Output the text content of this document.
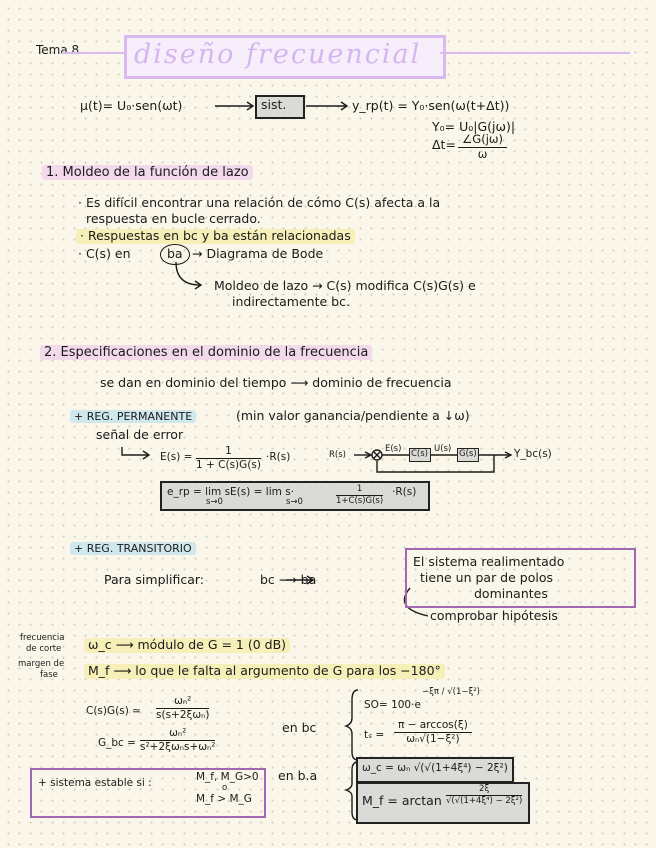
Tema 8 diseño frecuencial
μ(t)= U₀·sen(ωt)	sist.	y_rp(t) = Y₀·sen(ω(t+Δt))
Y₀= U₀|G(jω)|
$\Delta t= \frac{\angle G(j\omega)}{\omega}$
1. Moldeo de la función de lazo
· Es difícil encontrar una relación de cómo C(s) afecta a la
respuesta en bucle cerrado.
· Respuestas en bc y ba están relacionadas
· C(s) en	ba → Diagrama de Bode
Moldeo de lazo → C(s) modifica C(s)G(s) e
indirectamente bc.
2. Especificaciones en el dominio de la frecuencia
se dan en dominio del tiempo ⟶ dominio de frecuencia
+ REG. PERMANENTE	(min valor ganancia/pendiente a ↓ω)
señal de error
$E(s) = \frac{1}{1 + C(s)G(s)} \cdot R(s)$	R(s)
E(s) C(s) U(s) G(s)	Y_bc(s)
e_rp = lim sE(s) = lim s·
s→0	s→0	$\frac{1}{1+C(s)G(s)} \cdot R(s)$
+ REG. TRANSITORIO
Para simplificar:	bc ⟶ ba
El sistema realimentado
tiene un par de polos
dominantes
comprobar hipótesis
frecuencia
de corte	ω_c ⟶ módulo de G = 1 (0 dB)
margen de
fase	M_f ⟶ lo que le falta al argumento de G para los −180°
C(s)G(s) ≃
ωₙ²
s(s+2ξωₙ)
G_bc =
ωₙ²
s²+2ξωₙs+ωₙ²
en bc
SO= 100·e
−ξπ / √(1−ξ²)
$t_s = \frac{\pi - \arccos(\xi)}{\text{ωₙ√(1−ξ²)}}$
+ sistema estable si :	M_f, M_G>0
o
M_f > M_G
en b.a	ω_c = ωₙ √(√(1+4ξ⁴) − 2ξ²)
M_f = $\arctan \frac{2\xi}{\text{√(√(1+4ξ⁴) − 2ξ²)}}$
